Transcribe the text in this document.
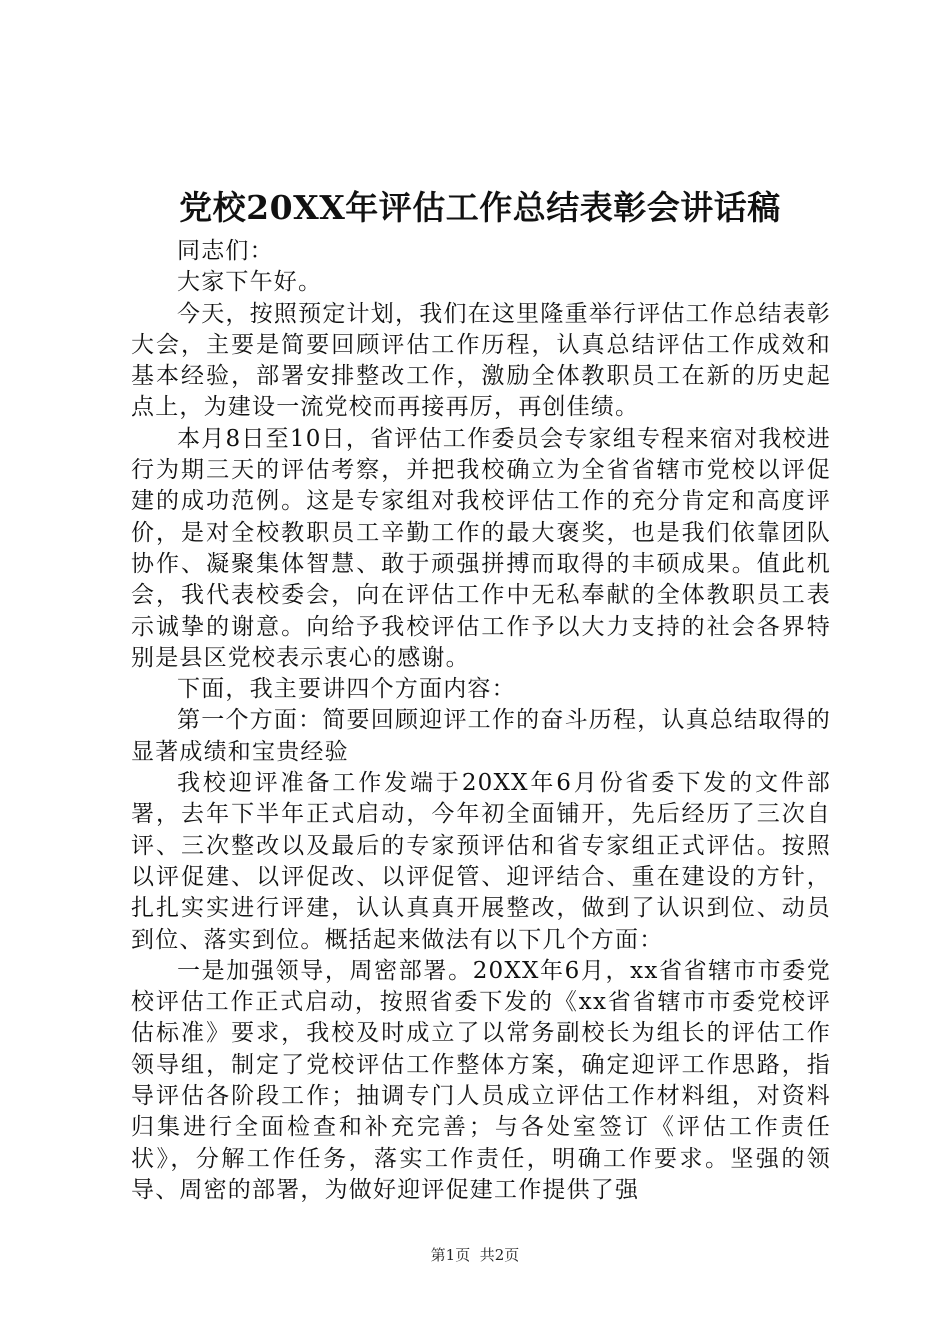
党校20XX年评估工作总结表彰会讲话稿

同志们：

大家下午好。

今天，按照预定计划，我们在这里隆重举行评估工作总结表彰大会，主要是简要回顾评估工作历程，认真总结评估工作成效和基本经验，部署安排整改工作，激励全体教职员工在新的历史起点上，为建设一流党校而再接再厉，再创佳绩。

本月8日至10日，省评估工作委员会专家组专程来宿对我校进行为期三天的评估考察，并把我校确立为全省省辖市党校以评促建的成功范例。这是专家组对我校评估工作的充分肯定和高度评价，是对全校教职员工辛勤工作的最大褒奖，也是我们依靠团队协作、凝聚集体智慧、敢于顽强拼搏而取得的丰硕成果。值此机会，我代表校委会，向在评估工作中无私奉献的全体教职员工表示诚挚的谢意。向给予我校评估工作予以大力支持的社会各界特别是县区党校表示衷心的感谢。

下面，我主要讲四个方面内容：

第一个方面：简要回顾迎评工作的奋斗历程，认真总结取得的显著成绩和宝贵经验

我校迎评准备工作发端于20XX年6月份省委下发的文件部署，去年下半年正式启动，今年初全面铺开，先后经历了三次自评、三次整改以及最后的专家预评估和省专家组正式评估。按照以评促建、以评促改、以评促管、迎评结合、重在建设的方针，扎扎实实进行评建，认认真真开展整改，做到了认识到位、动员到位、落实到位。概括起来做法有以下几个方面：

一是加强领导，周密部署。20XX年6月，xx省省辖市市委党校评估工作正式启动，按照省委下发的《xx省省辖市市委党校评估标准》要求，我校及时成立了以常务副校长为组长的评估工作领导组，制定了党校评估工作整体方案，确定迎评工作思路，指导评估各阶段工作；抽调专门人员成立评估工作材料组，对资料归集进行全面检查和补充完善；与各处室签订《评估工作责任状》，分解工作任务，落实工作责任，明确工作要求。坚强的领导、周密的部署，为做好迎评促建工作提供了强

第1页 共2页
